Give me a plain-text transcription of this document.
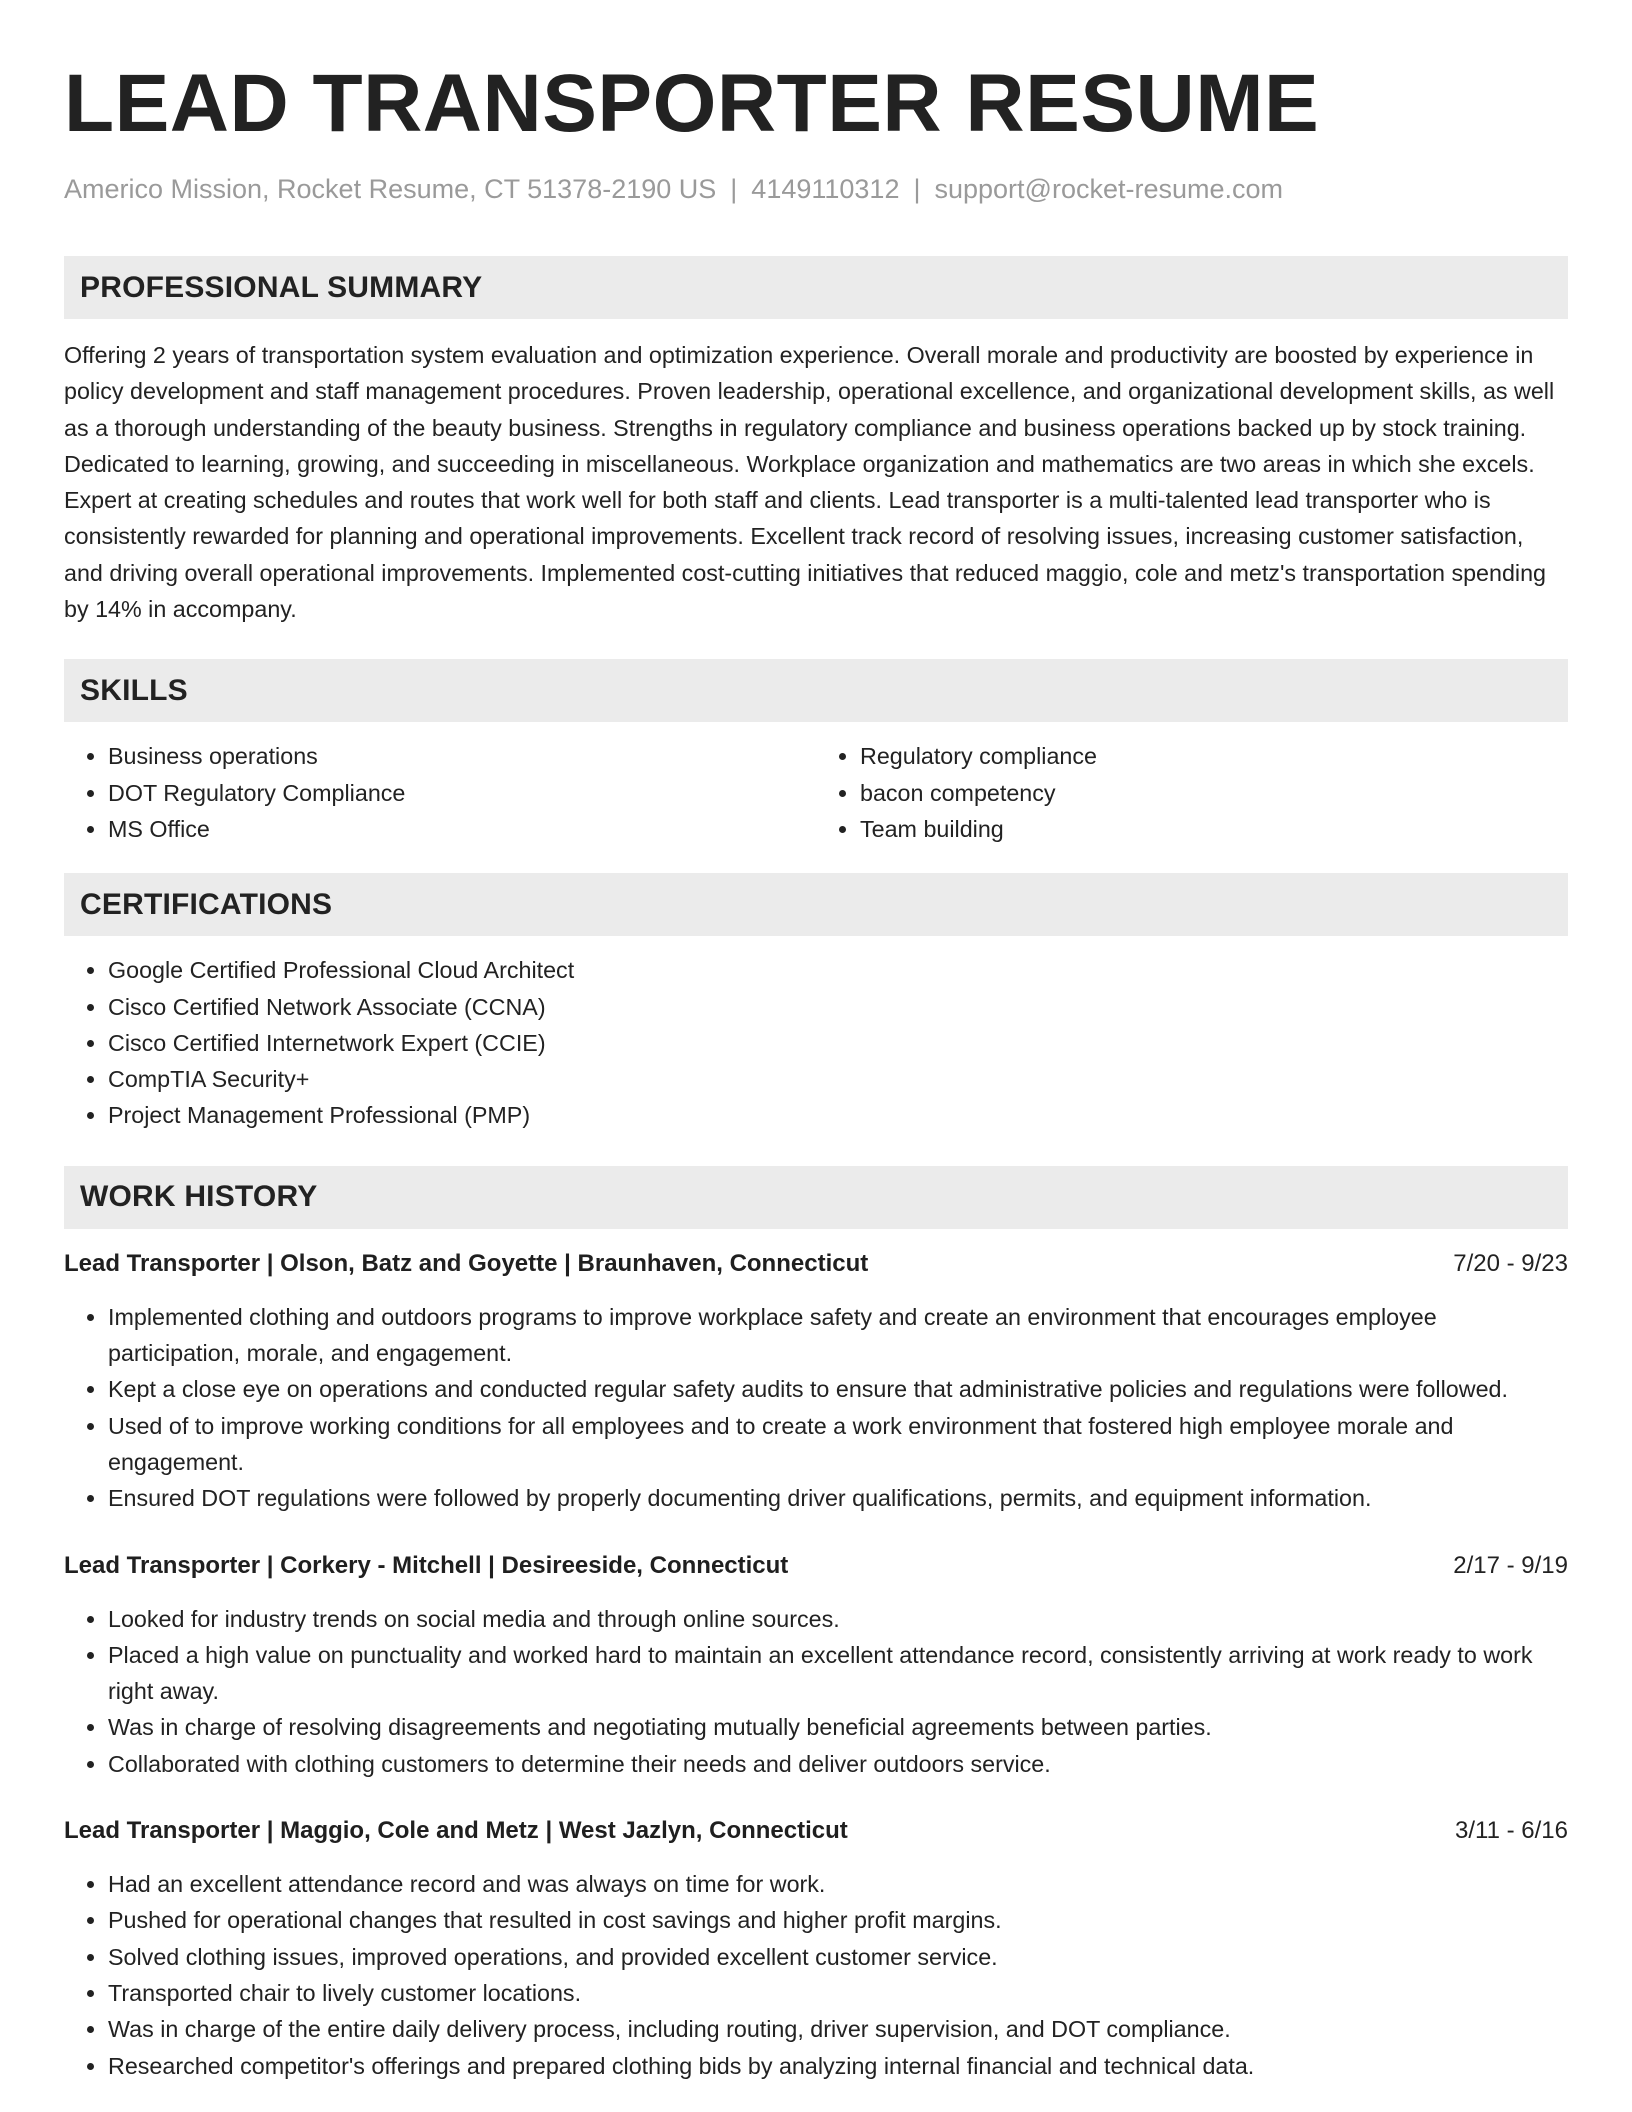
LEAD TRANSPORTER RESUME
Americo Mission, Rocket Resume, CT 51378-2190 US | 4149110312 | support@rocket-resume.com
PROFESSIONAL SUMMARY

Offering 2 years of transportation system evaluation and optimization experience. Overall morale and productivity are boosted by experience in policy development and staff management procedures. Proven leadership, operational excellence, and organizational development skills, as well as a thorough understanding of the beauty business. Strengths in regulatory compliance and business operations backed up by stock training. Dedicated to learning, growing, and succeeding in miscellaneous. Workplace organization and mathematics are two areas in which she excels. Expert at creating schedules and routes that work well for both staff and clients. Lead transporter is a multi-talented lead transporter who is consistently rewarded for planning and operational improvements. Excellent track record of resolving issues, increasing customer satisfaction, and driving overall operational improvements. Implemented cost-cutting initiatives that reduced maggio, cole and metz's transportation spending by 14% in accompany.

SKILLS
• Business operations
• DOT Regulatory Compliance
• MS Office
• Regulatory compliance
• bacon competency
• Team building
CERTIFICATIONS
• Google Certified Professional Cloud Architect
• Cisco Certified Network Associate (CCNA)
• Cisco Certified Internetwork Expert (CCIE)
• CompTIA Security+
• Project Management Professional (PMP)
WORK HISTORY
Lead Transporter | Olson, Batz and Goyette | Braunhaven, Connecticut	7/20 - 9/23
• Implemented clothing and outdoors programs to improve workplace safety and create an environment that encourages employee participation, morale, and engagement.
• Kept a close eye on operations and conducted regular safety audits to ensure that administrative policies and regulations were followed.
• Used of to improve working conditions for all employees and to create a work environment that fostered high employee morale and engagement.
• Ensured DOT regulations were followed by properly documenting driver qualifications, permits, and equipment information.
Lead Transporter | Corkery - Mitchell | Desireeside, Connecticut	2/17 - 9/19
• Looked for industry trends on social media and through online sources.
• Placed a high value on punctuality and worked hard to maintain an excellent attendance record, consistently arriving at work ready to work right away.
• Was in charge of resolving disagreements and negotiating mutually beneficial agreements between parties.
• Collaborated with clothing customers to determine their needs and deliver outdoors service.
Lead Transporter | Maggio, Cole and Metz | West Jazlyn, Connecticut	3/11 - 6/16
• Had an excellent attendance record and was always on time for work.
• Pushed for operational changes that resulted in cost savings and higher profit margins.
• Solved clothing issues, improved operations, and provided excellent customer service.
• Transported chair to lively customer locations.
• Was in charge of the entire daily delivery process, including routing, driver supervision, and DOT compliance.
• Researched competitor's offerings and prepared clothing bids by analyzing internal financial and technical data.
